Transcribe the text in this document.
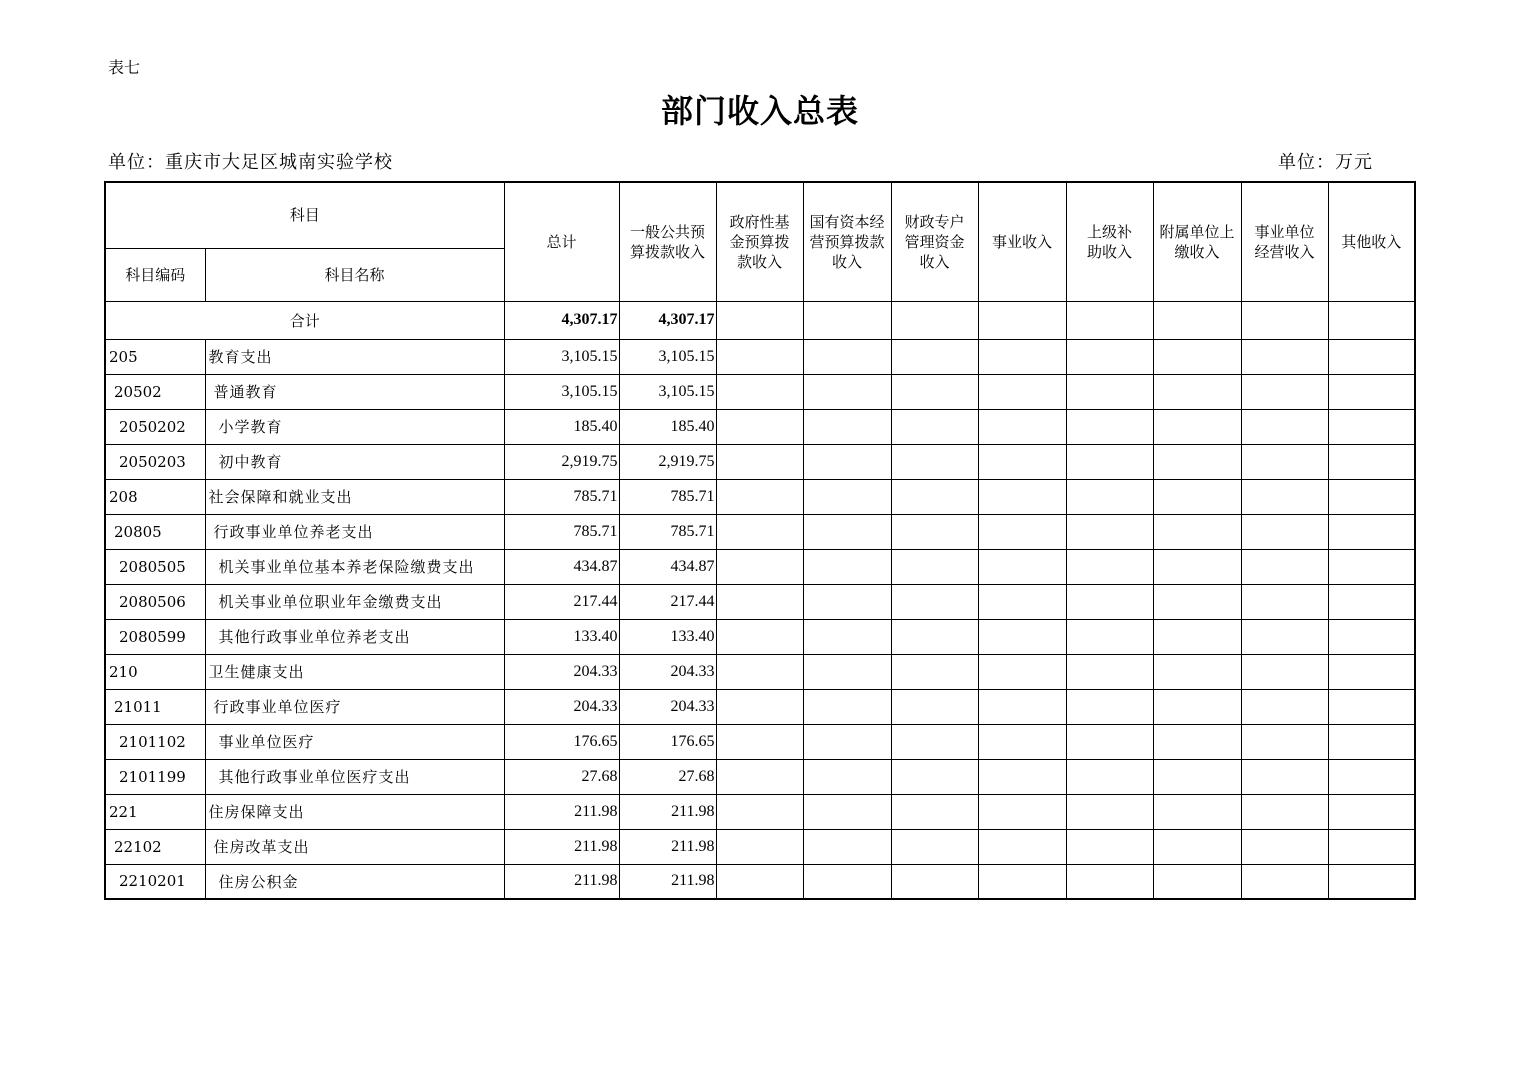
表七
部门收入总表
单位：重庆市大足区城南实验学校	单位：万元
科目		总计	一般公共预算拨款收入	政府性基金预算拨款收入	国有资本经营预算拨款收入	财政专户管理资金收入	事业收入	上级补助收入	附属单位上缴收入	事业单位经营收入	其他收入
科目编码	科目名称										
合计		4,307.17	4,307.17								
205	教育支出	3,105.15	3,105.15								
20502	普通教育	3,105.15	3,105.15								
2050202	小学教育	185.40	185.40								
2050203	初中教育	2,919.75	2,919.75								
208	社会保障和就业支出	785.71	785.71								
20805	行政事业单位养老支出	785.71	785.71								
2080505	机关事业单位基本养老保险缴费支出	434.87	434.87								
2080506	机关事业单位职业年金缴费支出	217.44	217.44								
2080599	其他行政事业单位养老支出	133.40	133.40								
210	卫生健康支出	204.33	204.33								
21011	行政事业单位医疗	204.33	204.33								
2101102	事业单位医疗	176.65	176.65								
2101199	其他行政事业单位医疗支出	27.68	27.68								
221	住房保障支出	211.98	211.98								
22102	住房改革支出	211.98	211.98								
2210201	住房公积金	211.98	211.98								
